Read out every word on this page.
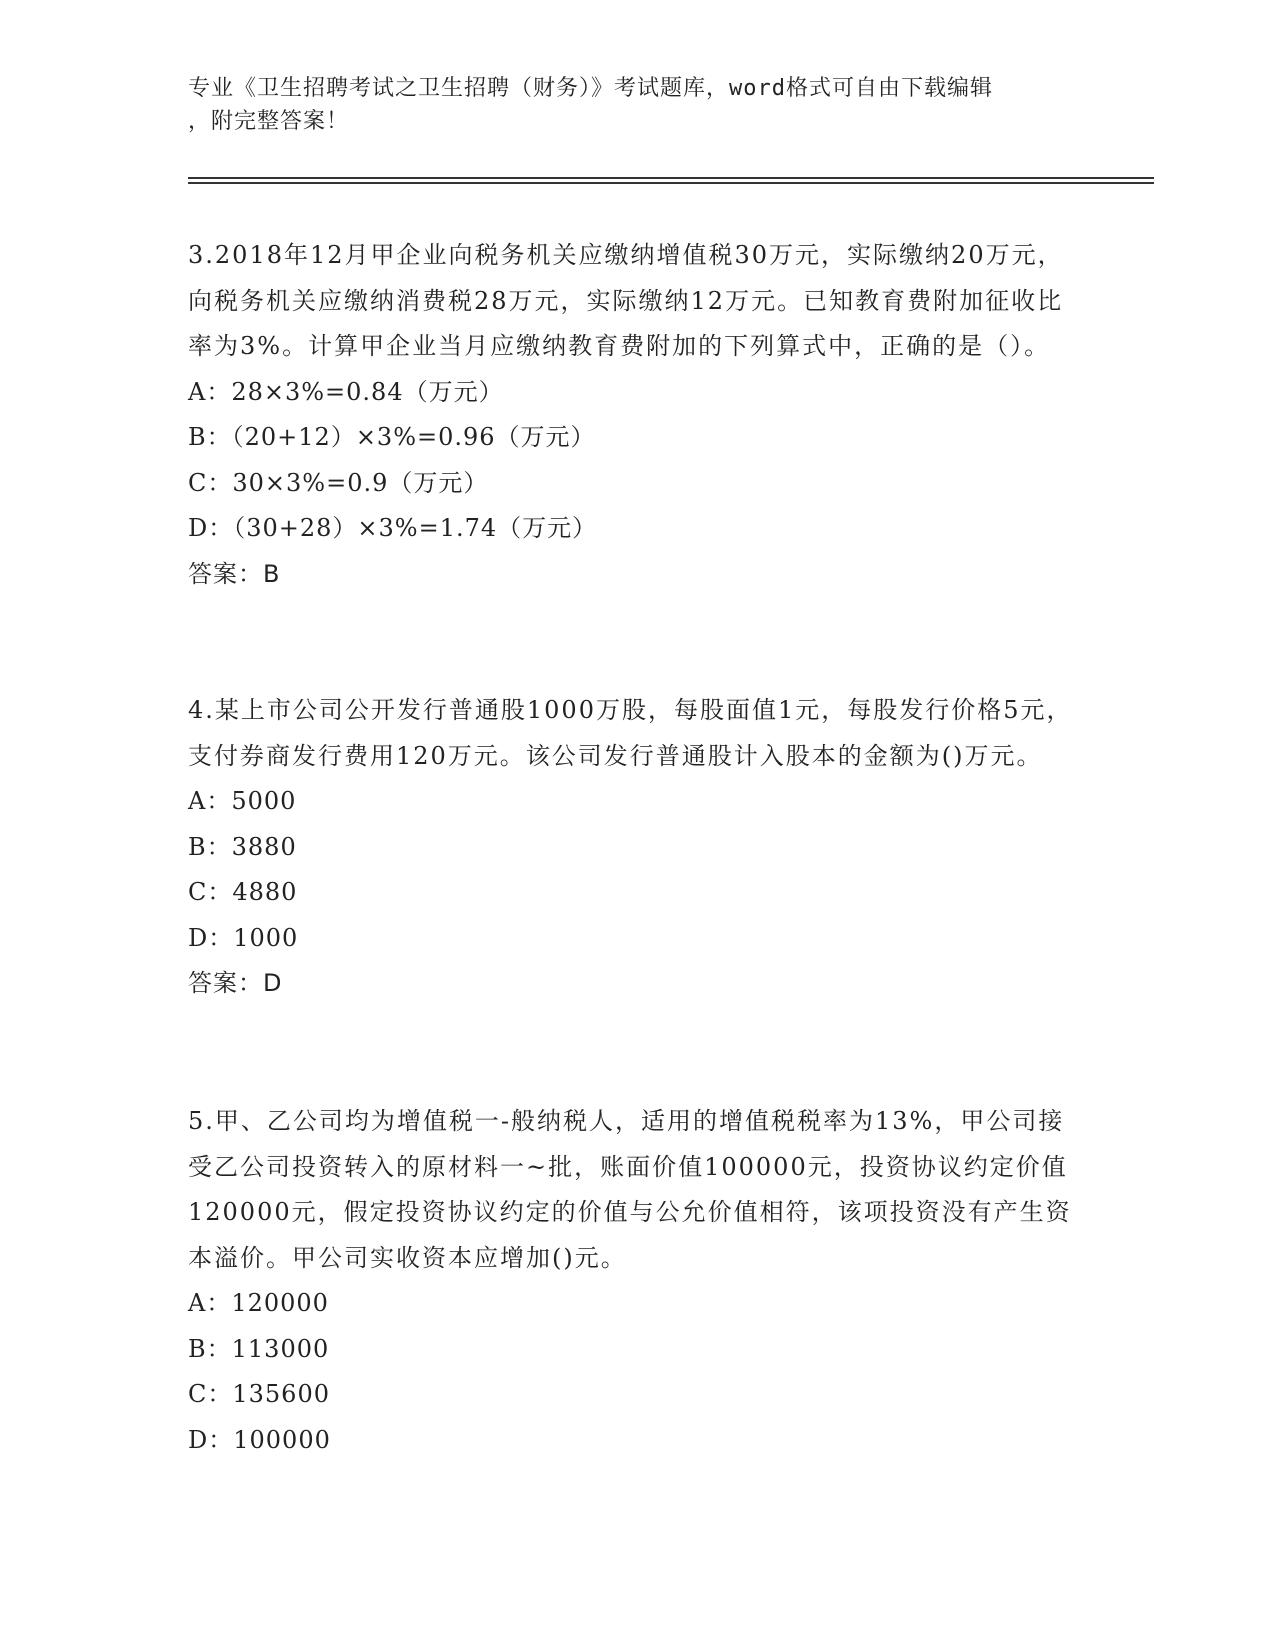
专业《卫生招聘考试之卫生招聘（财务）》考试题库，word格式可自由下载编辑
，附完整答案！

3.2018年12月甲企业向税务机关应缴纳增值税30万元，实际缴纳20万元，向税务机关应缴纳消费税28万元，实际缴纳12万元。已知教育费附加征收比率为3%。计算甲企业当月应缴纳教育费附加的下列算式中，正确的是（）。

A：28×3%=0.84（万元）

B：（20+12）×3%=0.96（万元）

C：30×3%=0.9（万元）

D：（30+28）×3%=1.74（万元）

答案：B

4.某上市公司公开发行普通股1000万股，每股面值1元，每股发行价格5元，支付券商发行费用120万元。该公司发行普通股计入股本的金额为()万元。

A：5000

B：3880

C：4880

D：1000

答案：D

5.甲、乙公司均为增值税一-般纳税人，适用的增值税税率为13%，甲公司接受乙公司投资转入的原材料一~批，账面价值100000元，投资协议约定价值120000元，假定投资协议约定的价值与公允价值相符，该项投资没有产生资本溢价。甲公司实收资本应增加()元。

A：120000

B：113000

C：135600

D：100000
